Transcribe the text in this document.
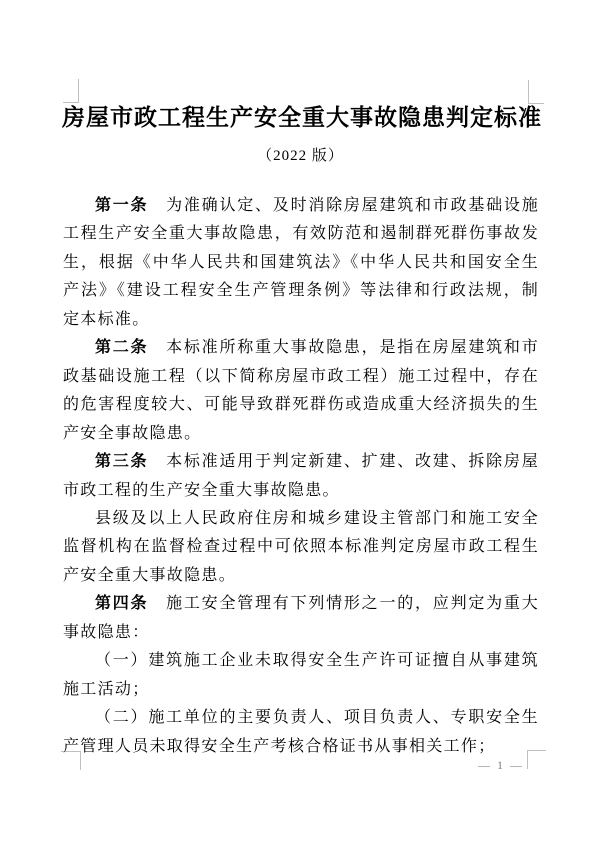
房屋市政工程生产安全重大事故隐患判定标准
（2022 版）

第一条　为准确认定、及时消除房屋建筑和市政基础设施工程生产安全重大事故隐患，有效防范和遏制群死群伤事故发生，根据《中华人民共和国建筑法》《中华人民共和国安全生产法》《建设工程安全生产管理条例》等法律和行政法规，制定本标准。

第二条　本标准所称重大事故隐患，是指在房屋建筑和市政基础设施工程（以下简称房屋市政工程）施工过程中，存在的危害程度较大、可能导致群死群伤或造成重大经济损失的生产安全事故隐患。

第三条　本标准适用于判定新建、扩建、改建、拆除房屋市政工程的生产安全重大事故隐患。

县级及以上人民政府住房和城乡建设主管部门和施工安全监督机构在监督检查过程中可依照本标准判定房屋市政工程生产安全重大事故隐患。

第四条　施工安全管理有下列情形之一的，应判定为重大事故隐患：

（一）建筑施工企业未取得安全生产许可证擅自从事建筑施工活动；

（二）施工单位的主要负责人、项目负责人、专职安全生产管理人员未取得安全生产考核合格证书从事相关工作；

— 1 —
